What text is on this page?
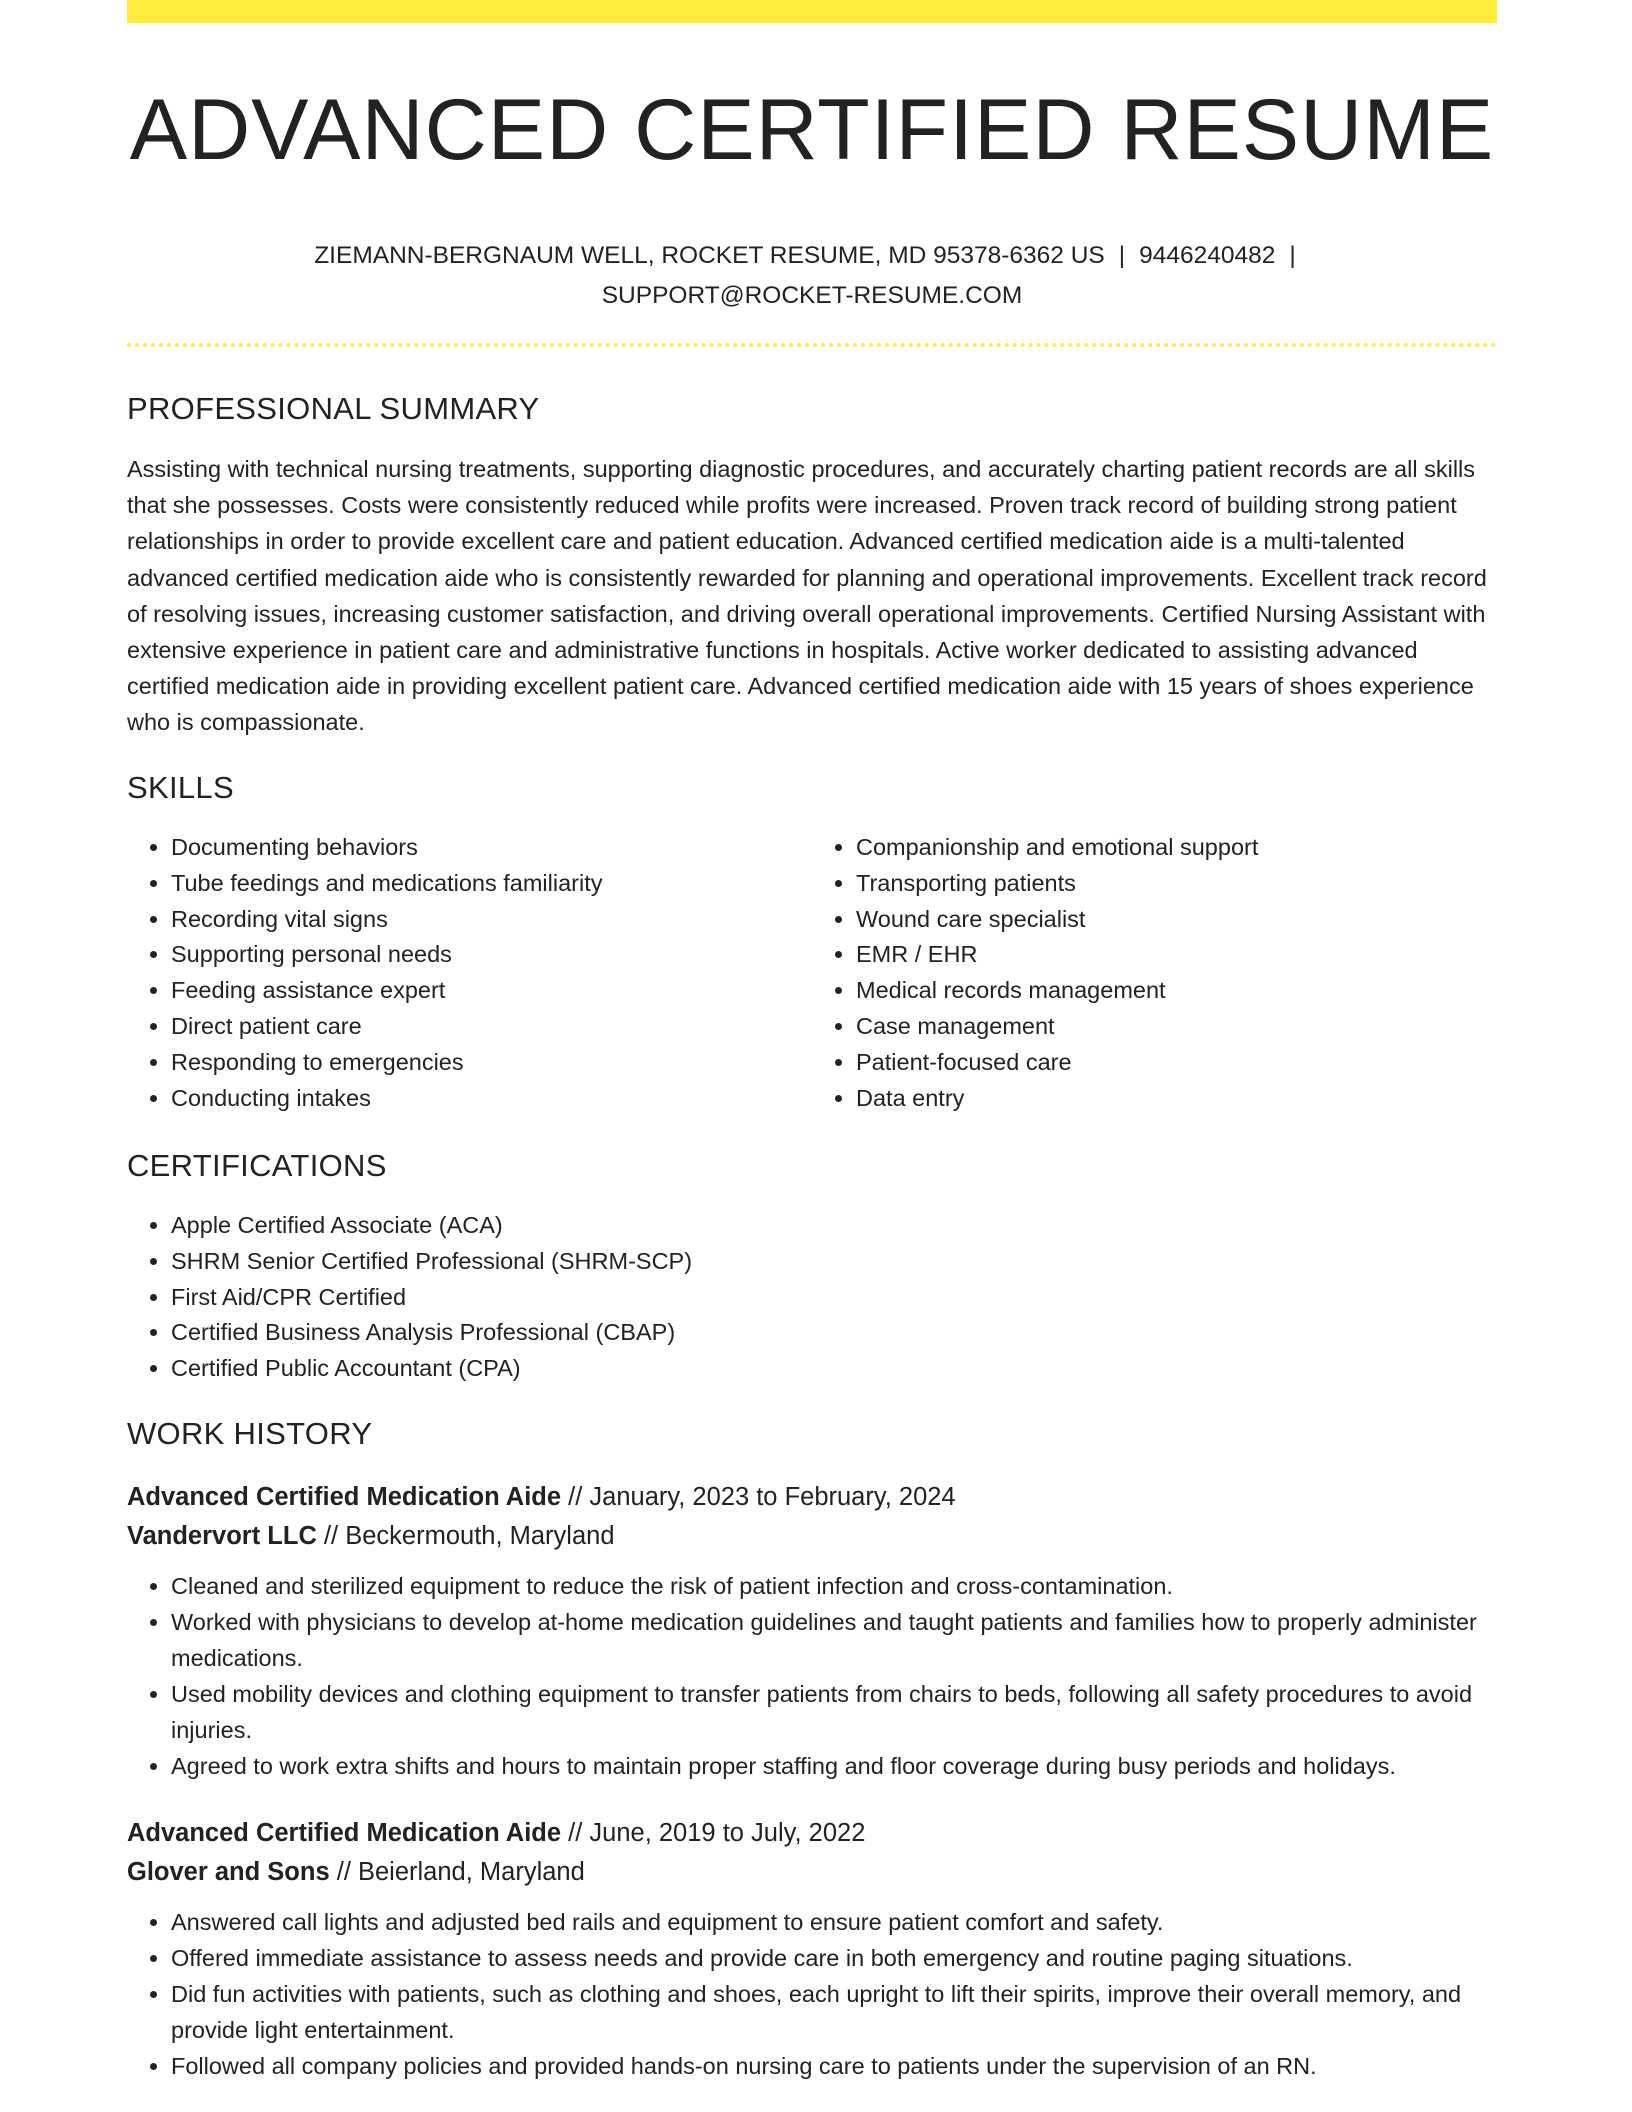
ADVANCED CERTIFIED RESUME
ZIEMANN-BERGNAUM WELL, ROCKET RESUME, MD 95378-6362 US | 9446240482 |
SUPPORT@ROCKET-RESUME.COM
PROFESSIONAL SUMMARY

Assisting with technical nursing treatments, supporting diagnostic procedures, and accurately charting patient records are all skills that she possesses. Costs were consistently reduced while profits were increased. Proven track record of building strong patient relationships in order to provide excellent care and patient education. Advanced certified medication aide is a multi-talented advanced certified medication aide who is consistently rewarded for planning and operational improvements. Excellent track record of resolving issues, increasing customer satisfaction, and driving overall operational improvements. Certified Nursing Assistant with extensive experience in patient care and administrative functions in hospitals. Active worker dedicated to assisting advanced certified medication aide in providing excellent patient care. Advanced certified medication aide with 15 years of shoes experience who is compassionate.

SKILLS
• Documenting behaviors
• Tube feedings and medications familiarity
• Recording vital signs
• Supporting personal needs
• Feeding assistance expert
• Direct patient care
• Responding to emergencies
• Conducting intakes
• Companionship and emotional support
• Transporting patients
• Wound care specialist
• EMR / EHR
• Medical records management
• Case management
• Patient-focused care
• Data entry
CERTIFICATIONS
• Apple Certified Associate (ACA)
• SHRM Senior Certified Professional (SHRM-SCP)
• First Aid/CPR Certified
• Certified Business Analysis Professional (CBAP)
• Certified Public Accountant (CPA)
WORK HISTORY
Advanced Certified Medication Aide // January, 2023 to February, 2024
Vandervort LLC // Beckermouth, Maryland
• Cleaned and sterilized equipment to reduce the risk of patient infection and cross-contamination.
• Worked with physicians to develop at-home medication guidelines and taught patients and families how to properly administer medications.
• Used mobility devices and clothing equipment to transfer patients from chairs to beds, following all safety procedures to avoid injuries.
• Agreed to work extra shifts and hours to maintain proper staffing and floor coverage during busy periods and holidays.
Advanced Certified Medication Aide // June, 2019 to July, 2022
Glover and Sons // Beierland, Maryland
• Answered call lights and adjusted bed rails and equipment to ensure patient comfort and safety.
• Offered immediate assistance to assess needs and provide care in both emergency and routine paging situations.
• Did fun activities with patients, such as clothing and shoes, each upright to lift their spirits, improve their overall memory, and provide light entertainment.
• Followed all company policies and provided hands-on nursing care to patients under the supervision of an RN.
